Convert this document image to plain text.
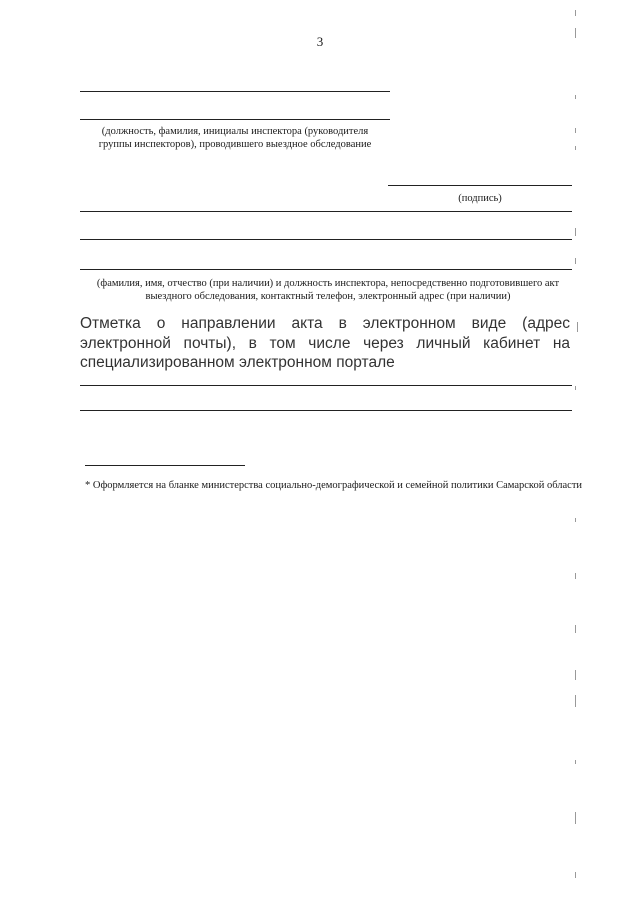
3
(должность, фамилия, инициалы инспектора (руководителя
группы инспекторов), проводившего выездное обследование
(подпись)
(фамилия, имя, отчество (при наличии) и должность инспектора, непосредственно подготовившего акт
выездного обследования, контактный телефон, электронный адрес (при наличии)
Отметка о направлении акта в электронном виде (адрес электронной почты), в том числе через личный кабинет на специализированном электронном портале
* Оформляется на бланке министерства социально-демографической и семейной политики Самарской области
